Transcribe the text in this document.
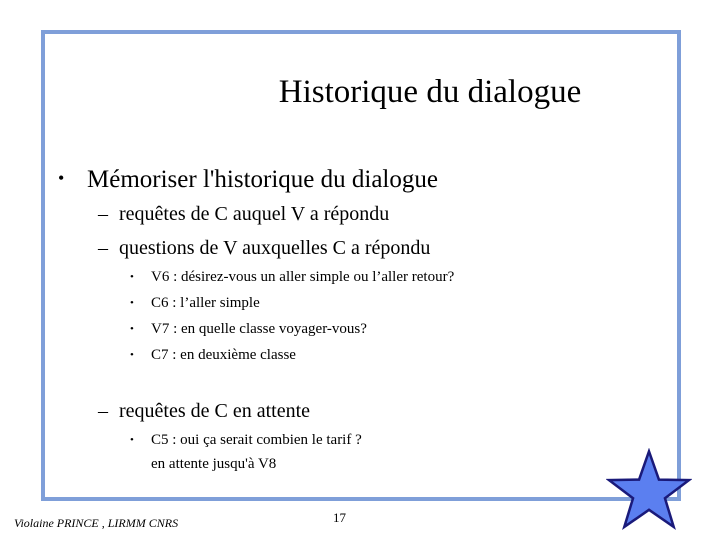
Historique du dialogue
• Mémoriser l'historique du dialogue
– requêtes de C auquel V a répondu
– questions de V auxquelles C a répondu
• V6 : désirez-vous un aller simple ou l’aller retour?
• C6 : l’aller simple
• V7 : en quelle classe voyager-vous?
• C7 : en deuxième classe
– requêtes de C en attente
• C5 : oui ça serait combien le tarif ?
en attente jusqu'à V8
Violaine PRINCE , LIRMM CNRS	17
